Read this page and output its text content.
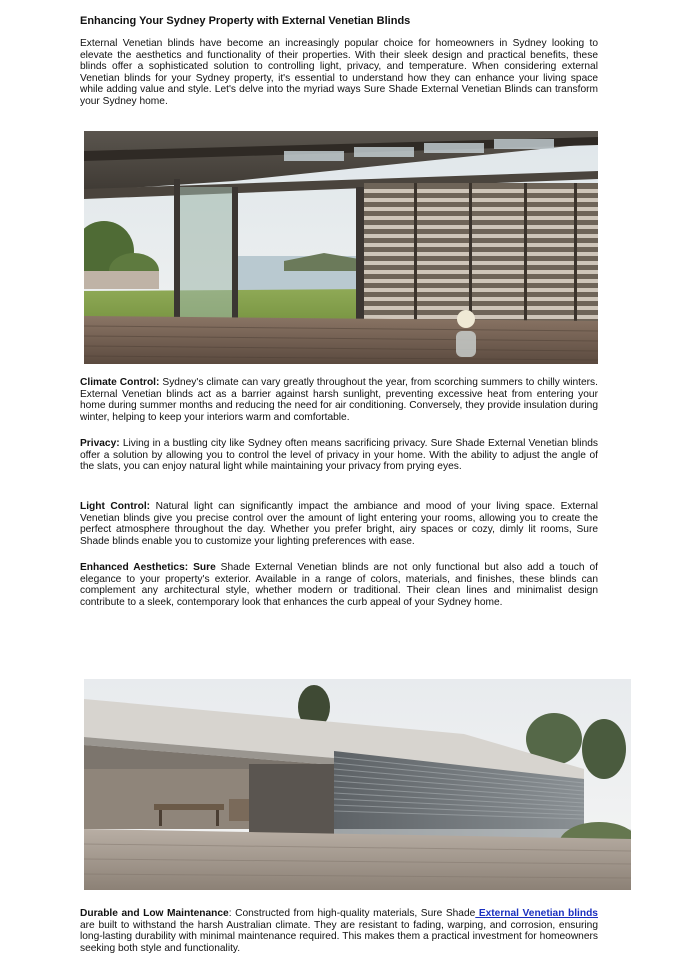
Enhancing Your Sydney Property with External Venetian Blinds
External Venetian blinds have become an increasingly popular choice for homeowners in Sydney looking to elevate the aesthetics and functionality of their properties. With their sleek design and practical benefits, these blinds offer a sophisticated solution to controlling light, privacy, and temperature. When considering external Venetian blinds for your Sydney property, it's essential to understand how they can enhance your living space while adding value and style. Let's delve into the myriad ways Sure Shade External Venetian Blinds can transform your Sydney home.
Climate Control: Sydney's climate can vary greatly throughout the year, from scorching summers to chilly winters. External Venetian blinds act as a barrier against harsh sunlight, preventing excessive heat from entering your home during summer months and reducing the need for air conditioning. Conversely, they provide insulation during winter, helping to keep your interiors warm and comfortable.
Privacy: Living in a bustling city like Sydney often means sacrificing privacy. Sure Shade External Venetian blinds offer a solution by allowing you to control the level of privacy in your home. With the ability to adjust the angle of the slats, you can enjoy natural light while maintaining your privacy from prying eyes.
Light Control: Natural light can significantly impact the ambiance and mood of your living space. External Venetian blinds give you precise control over the amount of light entering your rooms, allowing you to create the perfect atmosphere throughout the day. Whether you prefer bright, airy spaces or cozy, dimly lit rooms, Sure Shade blinds enable you to customize your lighting preferences with ease.
Enhanced Aesthetics: Sure Shade External Venetian blinds are not only functional but also add a touch of elegance to your property's exterior. Available in a range of colors, materials, and finishes, these blinds can complement any architectural style, whether modern or traditional. Their clean lines and minimalist design contribute to a sleek, contemporary look that enhances the curb appeal of your Sydney home.
Durable and Low Maintenance: Constructed from high-quality materials, Sure Shade External Venetian blinds are built to withstand the harsh Australian climate. They are resistant to fading, warping, and corrosion, ensuring long-lasting durability with minimal maintenance required. This makes them a practical investment for homeowners seeking both style and functionality.
